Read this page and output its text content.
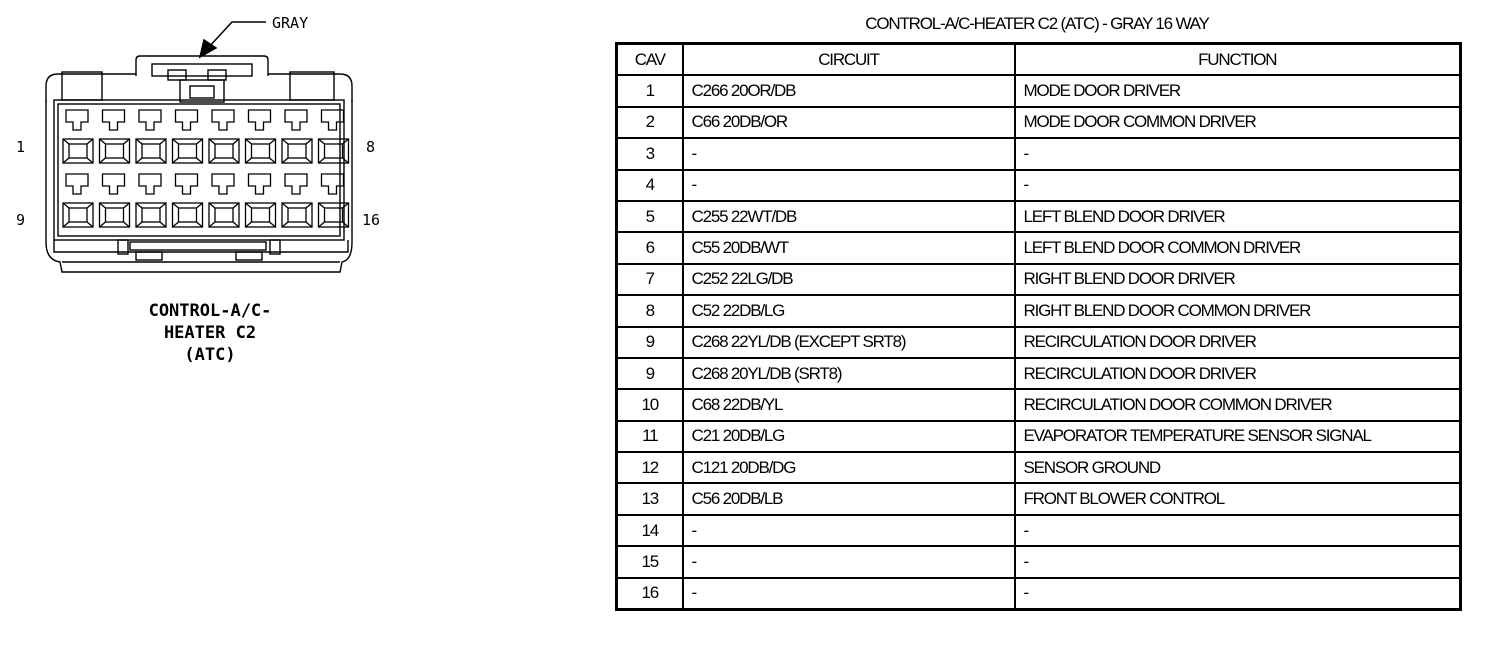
GRAY
1	8
9	16
CONTROL-A/C-
HEATER C2
(ATC)
CONTROL-A/C-HEATER C2 (ATC) - GRAY 16 WAY
CAV	CIRCUIT	FUNCTION
1	C266 20OR/DB	MODE DOOR DRIVER
2	C66 20DB/OR	MODE DOOR COMMON DRIVER
3	-	-
4	-	-
5	C255 22WT/DB	LEFT BLEND DOOR DRIVER
6	C55 20DB/WT	LEFT BLEND DOOR COMMON DRIVER
7	C252 22LG/DB	RIGHT BLEND DOOR DRIVER
8	C52 22DB/LG	RIGHT BLEND DOOR COMMON DRIVER
9	C268 22YL/DB (EXCEPT SRT8)	RECIRCULATION DOOR DRIVER
9	C268 20YL/DB (SRT8)	RECIRCULATION DOOR DRIVER
10	C68 22DB/YL	RECIRCULATION DOOR COMMON DRIVER
11	C21 20DB/LG	EVAPORATOR TEMPERATURE SENSOR SIGNAL
12	C121 20DB/DG	SENSOR GROUND
13	C56 20DB/LB	FRONT BLOWER CONTROL
14	-	-
15	-	-
16	-	-
